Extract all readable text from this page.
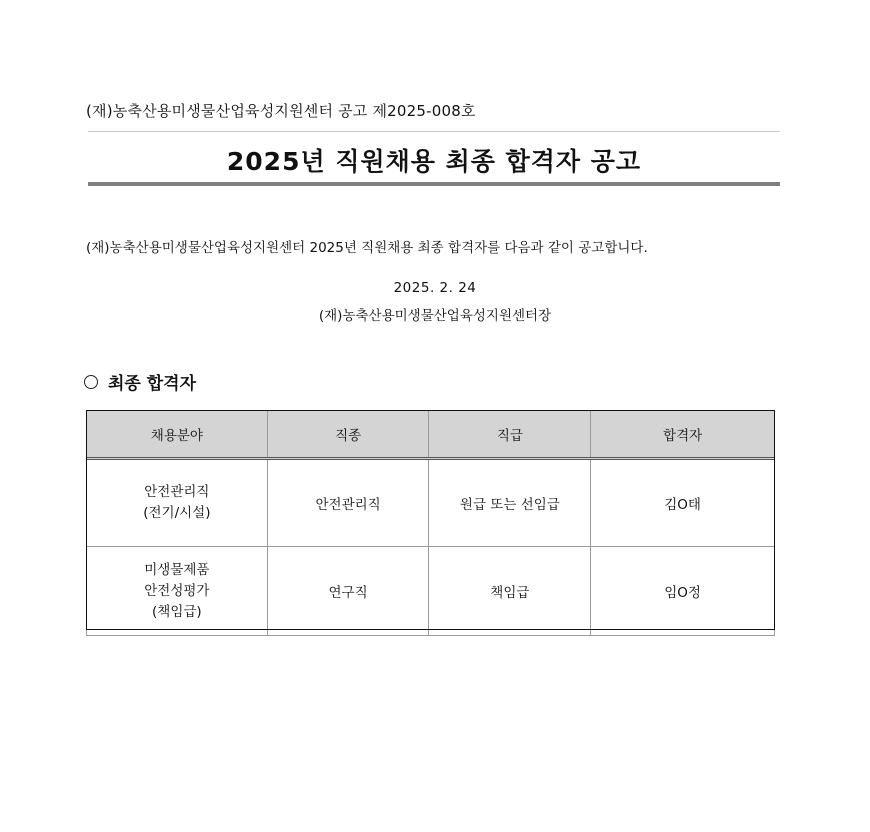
(재)농축산용미생물산업육성지원센터 공고 제2025-008호
2025년 직원채용 최종 합격자 공고
(재)농축산용미생물산업육성지원센터 2025년 직원채용 최종 합격자를 다음과 같이 공고합니다.
2025. 2. 24
(재)농축산용미생물산업육성지원센터장
최종 합격자
채용분야	직종	직급	합격자

안전관리직
(전기/시설)	안전관리직	원급 또는 선임급	김O태

미생물제품
안전성평가
(책임급)	연구직	책임급	임O정
